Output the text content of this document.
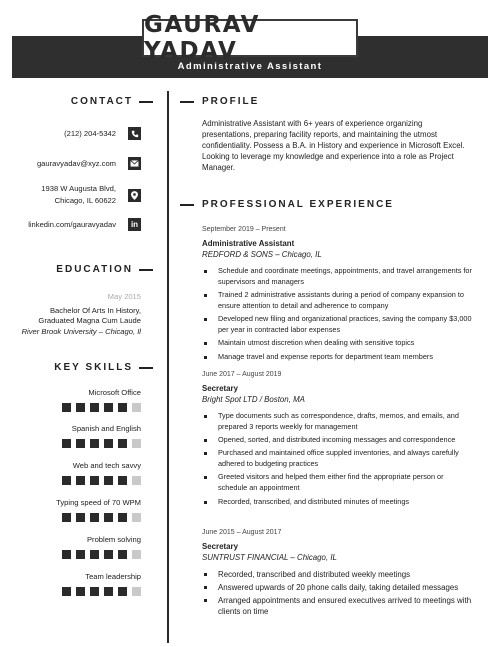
GAURAV YADAV
Administrative Assistant
CONTACT
(212) 204-5342
gauravyadav@xyz.com
1938 W Augusta Blvd,
Chicago, IL 60622
linkedin.com/gauravyadav	in
EDUCATION
May 2015
Bachelor Of Arts In History,
Graduated Magna Cum Laude
River Brook University – Chicago, Il
KEY SKILLS
Microsoft Office
Spanish and English
Web and tech savvy
Typing speed of 70 WPM
Problem solving
Team leadership
PROFILE

Administrative Assistant with 6+ years of experience organizing presentations, preparing facility reports, and maintaining the utmost confidentiality. Possess a B.A. in History and experience in Microsoft Excel. Looking to leverage my knowledge and experience into a role as Project Manager.

PROFESSIONAL EXPERIENCE
September 2019 – Present
Administrative Assistant
REDFORD & SONS – Chicago, IL
Schedule and coordinate meetings, appointments, and travel arrangements for supervisors and managers
Trained 2 administrative assistants during a period of company expansion to ensure attention to detail and adherence to company
Developed new filing and organizational practices, saving the company $3,000 per year in contracted labor expenses
Maintain utmost discretion when dealing with sensitive topics
Manage travel and expense reports for department team members
June 2017 – August 2019
Secretary
Bright Spot LTD / Boston, MA
Type documents such as correspondence, drafts, memos, and emails, and prepared 3 reports weekly for management
Opened, sorted, and distributed incoming messages and correspondence
Purchased and maintained office suppled inventories, and always carefully adhered to budgeting practices
Greeted visitors and helped them either find the appropriate person or schedule an appointment
Recorded, transcribed, and distributed minutes of meetings
June 2015 – August 2017
Secretary
SUNTRUST FINANCIAL – Chicago, IL
Recorded, transcribed and distributed weekly meetings
Answered upwards of 20 phone calls daily, taking detailed messages
Arranged appointments and ensured executives arrived to meetings with clients on time
